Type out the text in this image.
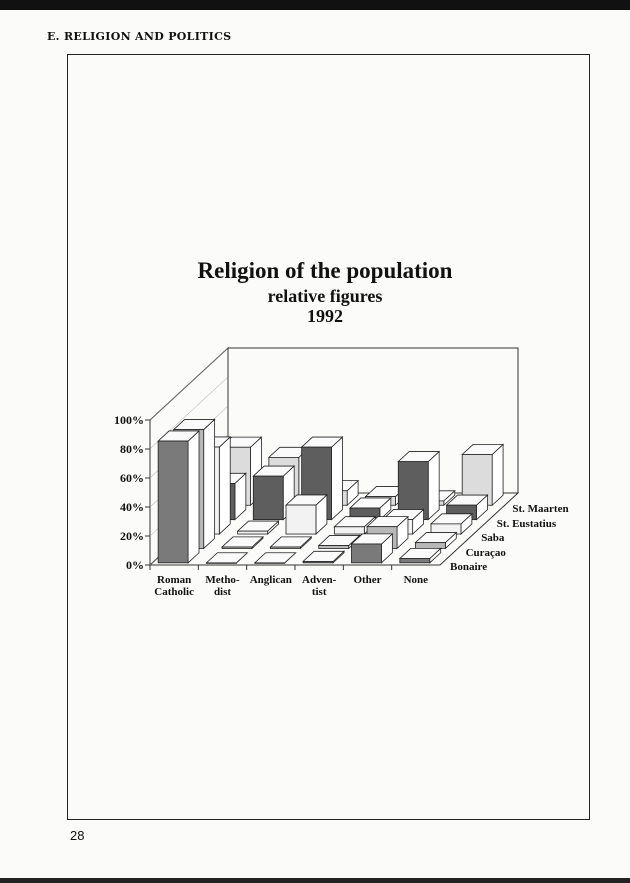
E. RELIGION AND POLITICS
Religion of the population
relative figures
1992
0%
20%
40%
60%
80%
100%
St. Maarten
St. Eustatius
Saba
Curaçao
Bonaire
Roman
Catholic
Metho-
dist
Anglican Adven-
tist
Other	None
28
